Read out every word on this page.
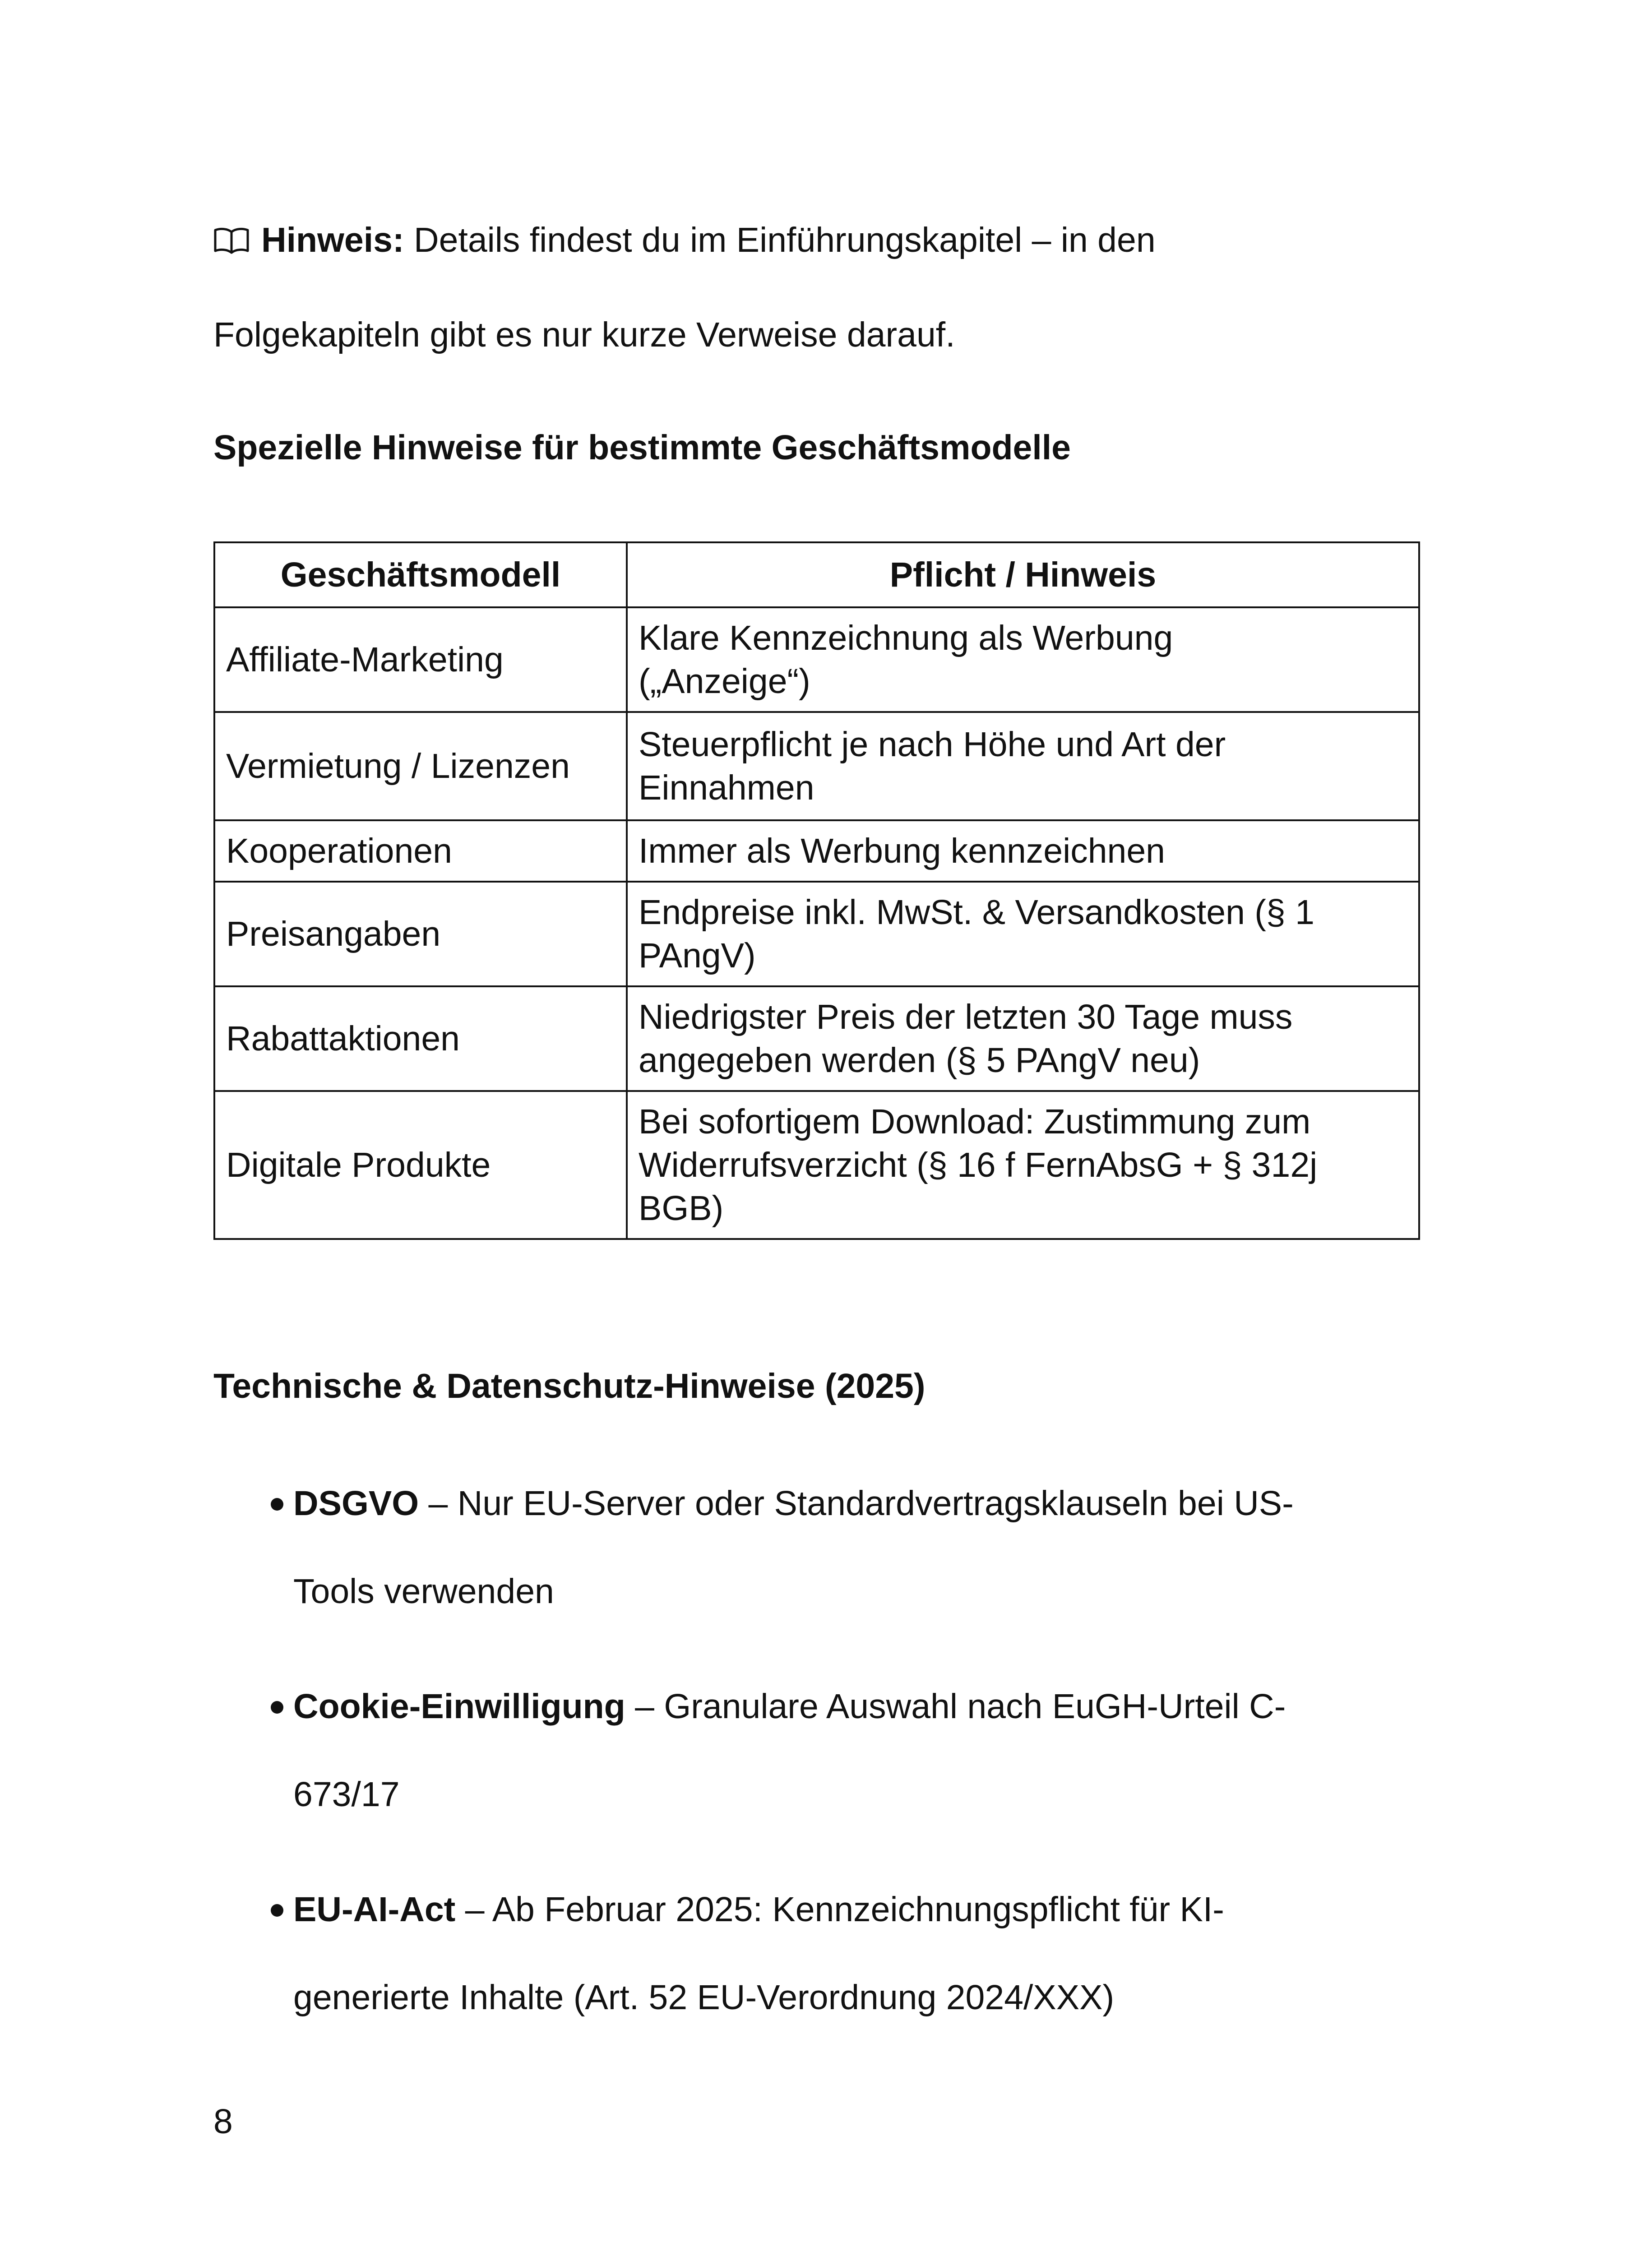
Hinweis: Details findest du im Einführungskapitel – in den
Folgekapiteln gibt es nur kurze Verweise darauf.
Spezielle Hinweise für bestimmte Geschäftsmodelle
Geschäftsmodell	Pflicht / Hinweis
Affiliate-Marketing	Klare Kennzeichnung als Werbung
(„Anzeige“)
Vermietung / Lizenzen	Steuerpflicht je nach Höhe und Art der
Einnahmen
Kooperationen	Immer als Werbung kennzeichnen
Preisangaben	Endpreise inkl. MwSt. & Versandkosten (§ 1
PAngV)
Rabattaktionen	Niedrigster Preis der letzten 30 Tage muss
angegeben werden (§ 5 PAngV neu)
Digitale Produkte	Bei sofortigem Download: Zustimmung zum
Widerrufsverzicht (§ 16 f FernAbsG + § 312j
BGB)
Technische & Datenschutz-Hinweise (2025)
DSGVO – Nur EU-Server oder Standardvertragsklauseln bei US-
Tools verwenden
Cookie-Einwilligung – Granulare Auswahl nach EuGH-Urteil C-
673/17
EU-AI-Act – Ab Februar 2025: Kennzeichnungspflicht für KI-
generierte Inhalte (Art. 52 EU-Verordnung 2024/XXX)
8
